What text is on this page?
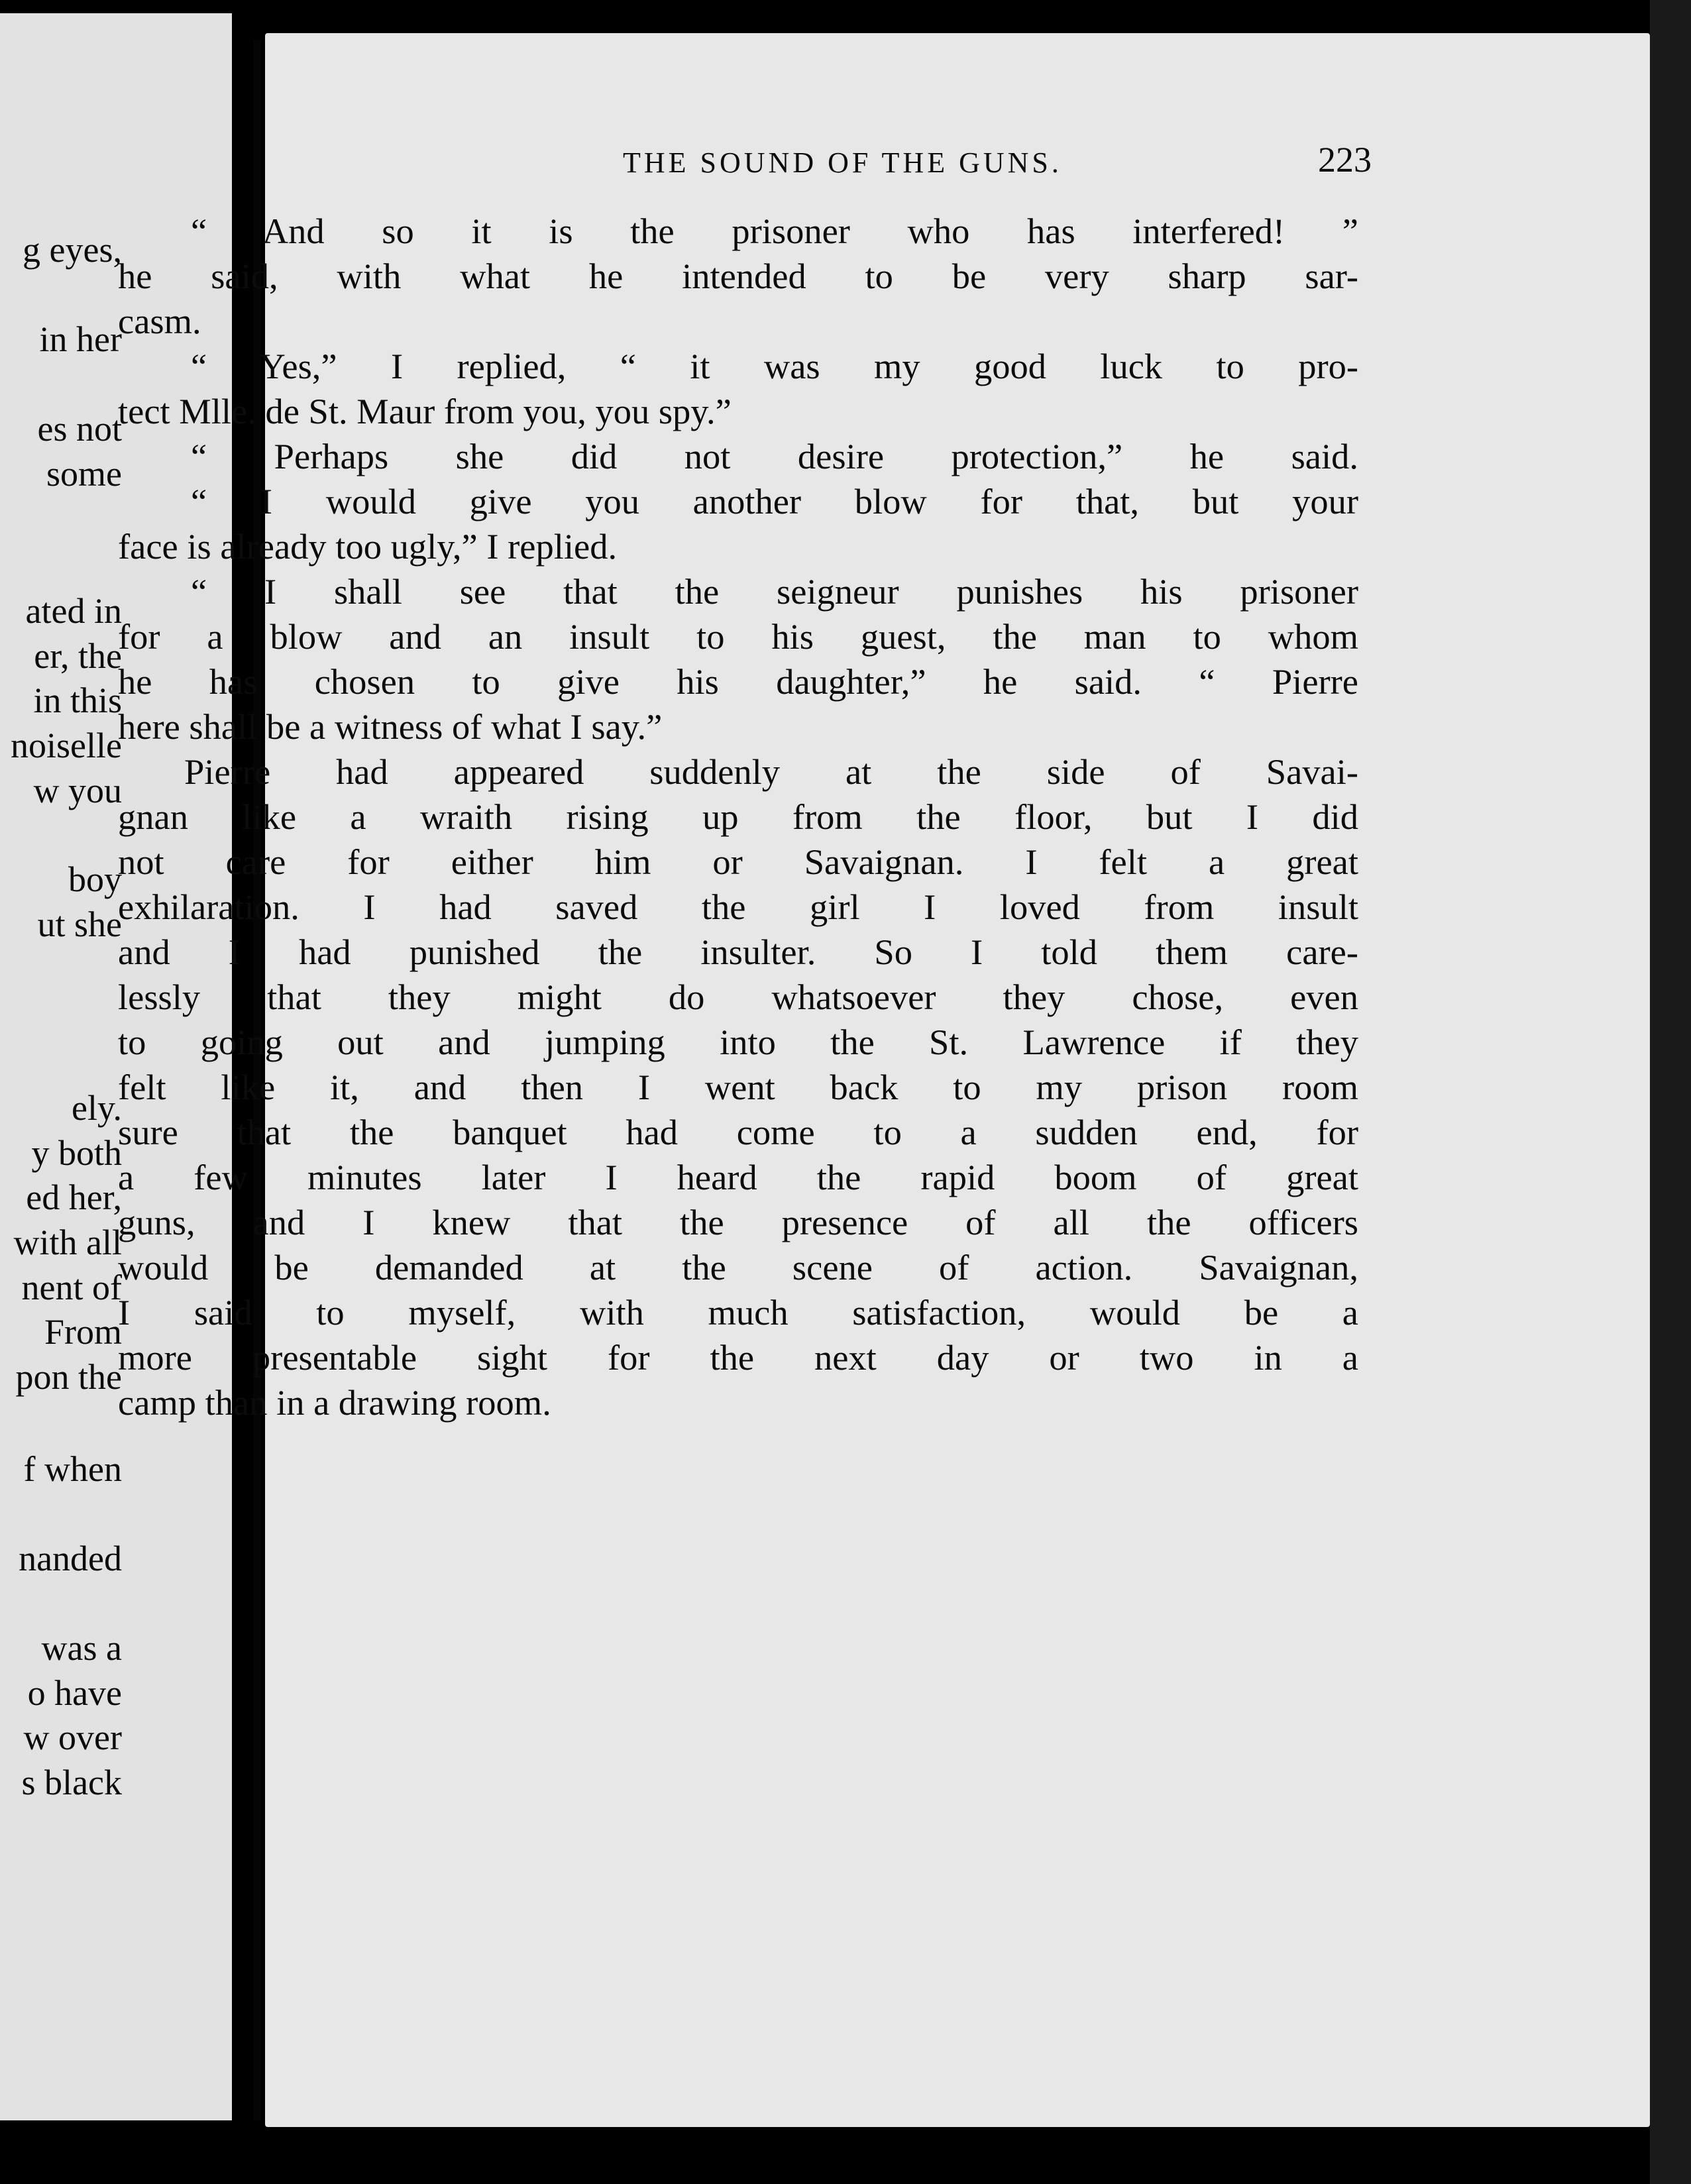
g eyes,
in her
es not
some
ated in
er, the
in this
noiselle
w you
boy
ut she
ely.
y both
ed her,
with all
nent of
From
pon the
f when
nanded
was a
o have
w over
s black
THE SOUND OF THE GUNS.	223
“ And so it is the prisoner who has interfered! ”
he said, with what he intended to be very sharp sar-
casm.
“ Yes,” I replied, “ it was my good luck to pro-
tect Mlle. de St. Maur from you, you spy.”
“ Perhaps she did not desire protection,” he said.
“ I would give you another blow for that, but your
face is already too ugly,” I replied.
“ I shall see that the seigneur punishes his prisoner
for a blow and an insult to his guest, the man to whom
he has chosen to give his daughter,” he said. “ Pierre
here shall be a witness of what I say.”
Pierre had appeared suddenly at the side of Savai-
gnan like a wraith rising up from the floor, but I did
not care for either him or Savaignan. I felt a great
exhilaration. I had saved the girl I loved from insult
and I had punished the insulter. So I told them care-
lessly that they might do whatsoever they chose, even
to going out and jumping into the St. Lawrence if they
felt like it, and then I went back to my prison room
sure that the banquet had come to a sudden end, for
a few minutes later I heard the rapid boom of great
guns, and I knew that the presence of all the officers
would be demanded at the scene of action. Savaignan,
I said to myself, with much satisfaction, would be a
more presentable sight for the next day or two in a
camp than in a drawing room.
